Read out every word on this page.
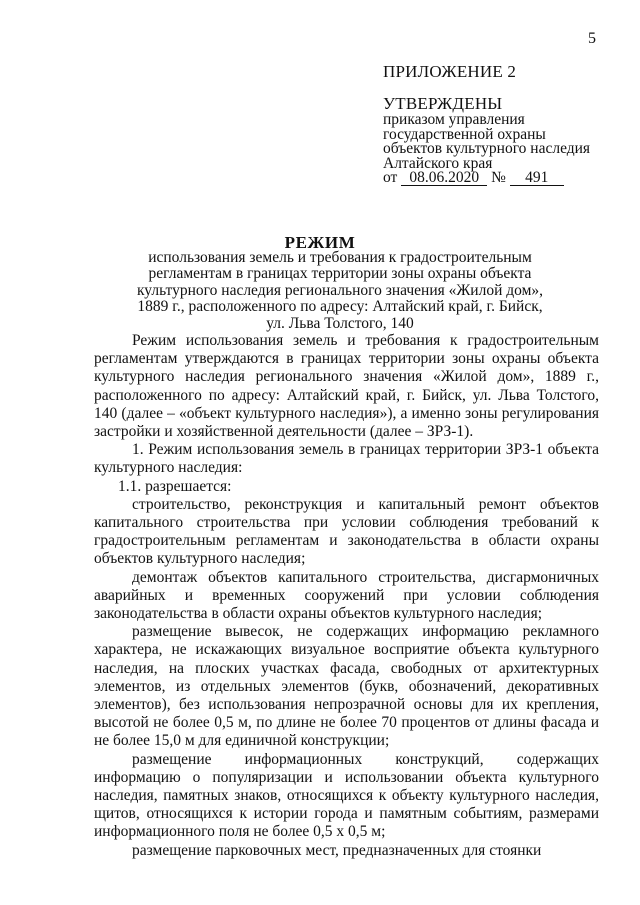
5
ПРИЛОЖЕНИЕ 2
УТВЕРЖДЕНЫ
приказом управления
государственной охраны
объектов культурного наследия
Алтайского края
от 08.06.2020 № 491
РЕЖИМ
использования земель и требования к градостроительным
регламентам в границах территории зоны охраны объекта
культурного наследия регионального значения «Жилой дом»,
1889 г., расположенного по адресу: Алтайский край, г. Бийск,
ул. Льва Толстого, 140

Режим использования земель и требования к градостроительным регламентам утверждаются в границах территории зоны охраны объекта культурного наследия регионального значения «Жилой дом», 1889 г., расположенного по адресу: Алтайский край, г. Бийск, ул. Льва Толстого, 140 (далее – «объект культурного наследия»), а именно зоны регулирования застройки и хозяйственной деятельности (далее – ЗРЗ-1).

1. Режим использования земель в границах территории ЗРЗ-1 объекта культурного наследия:

1.1. разрешается:

строительство, реконструкция и капитальный ремонт объектов капитального строительства при условии соблюдения требований к градостроительным регламентам и законодательства в области охраны объектов культурного наследия;

демонтаж объектов капитального строительства, дисгармоничных аварийных и временных сооружений при условии соблюдения законодательства в области охраны объектов культурного наследия;

размещение вывесок, не содержащих информацию рекламного характера, не искажающих визуальное восприятие объекта культурного наследия, на плоских участках фасада, свободных от архитектурных элементов, из отдельных элементов (букв, обозначений, декоративных элементов), без использования непрозрачной основы для их крепления, высотой не более 0,5 м, по длине не более 70 процентов от длины фасада и не более 15,0 м для единичной конструкции;

размещение информационных конструкций, содержащих информацию о популяризации и использовании объекта культурного наследия, памятных знаков, относящихся к объекту культурного наследия, щитов, относящихся к истории города и памятным событиям, размерами информационного поля не более 0,5 х 0,5 м;

размещение парковочных мест, предназначенных для стоянки
